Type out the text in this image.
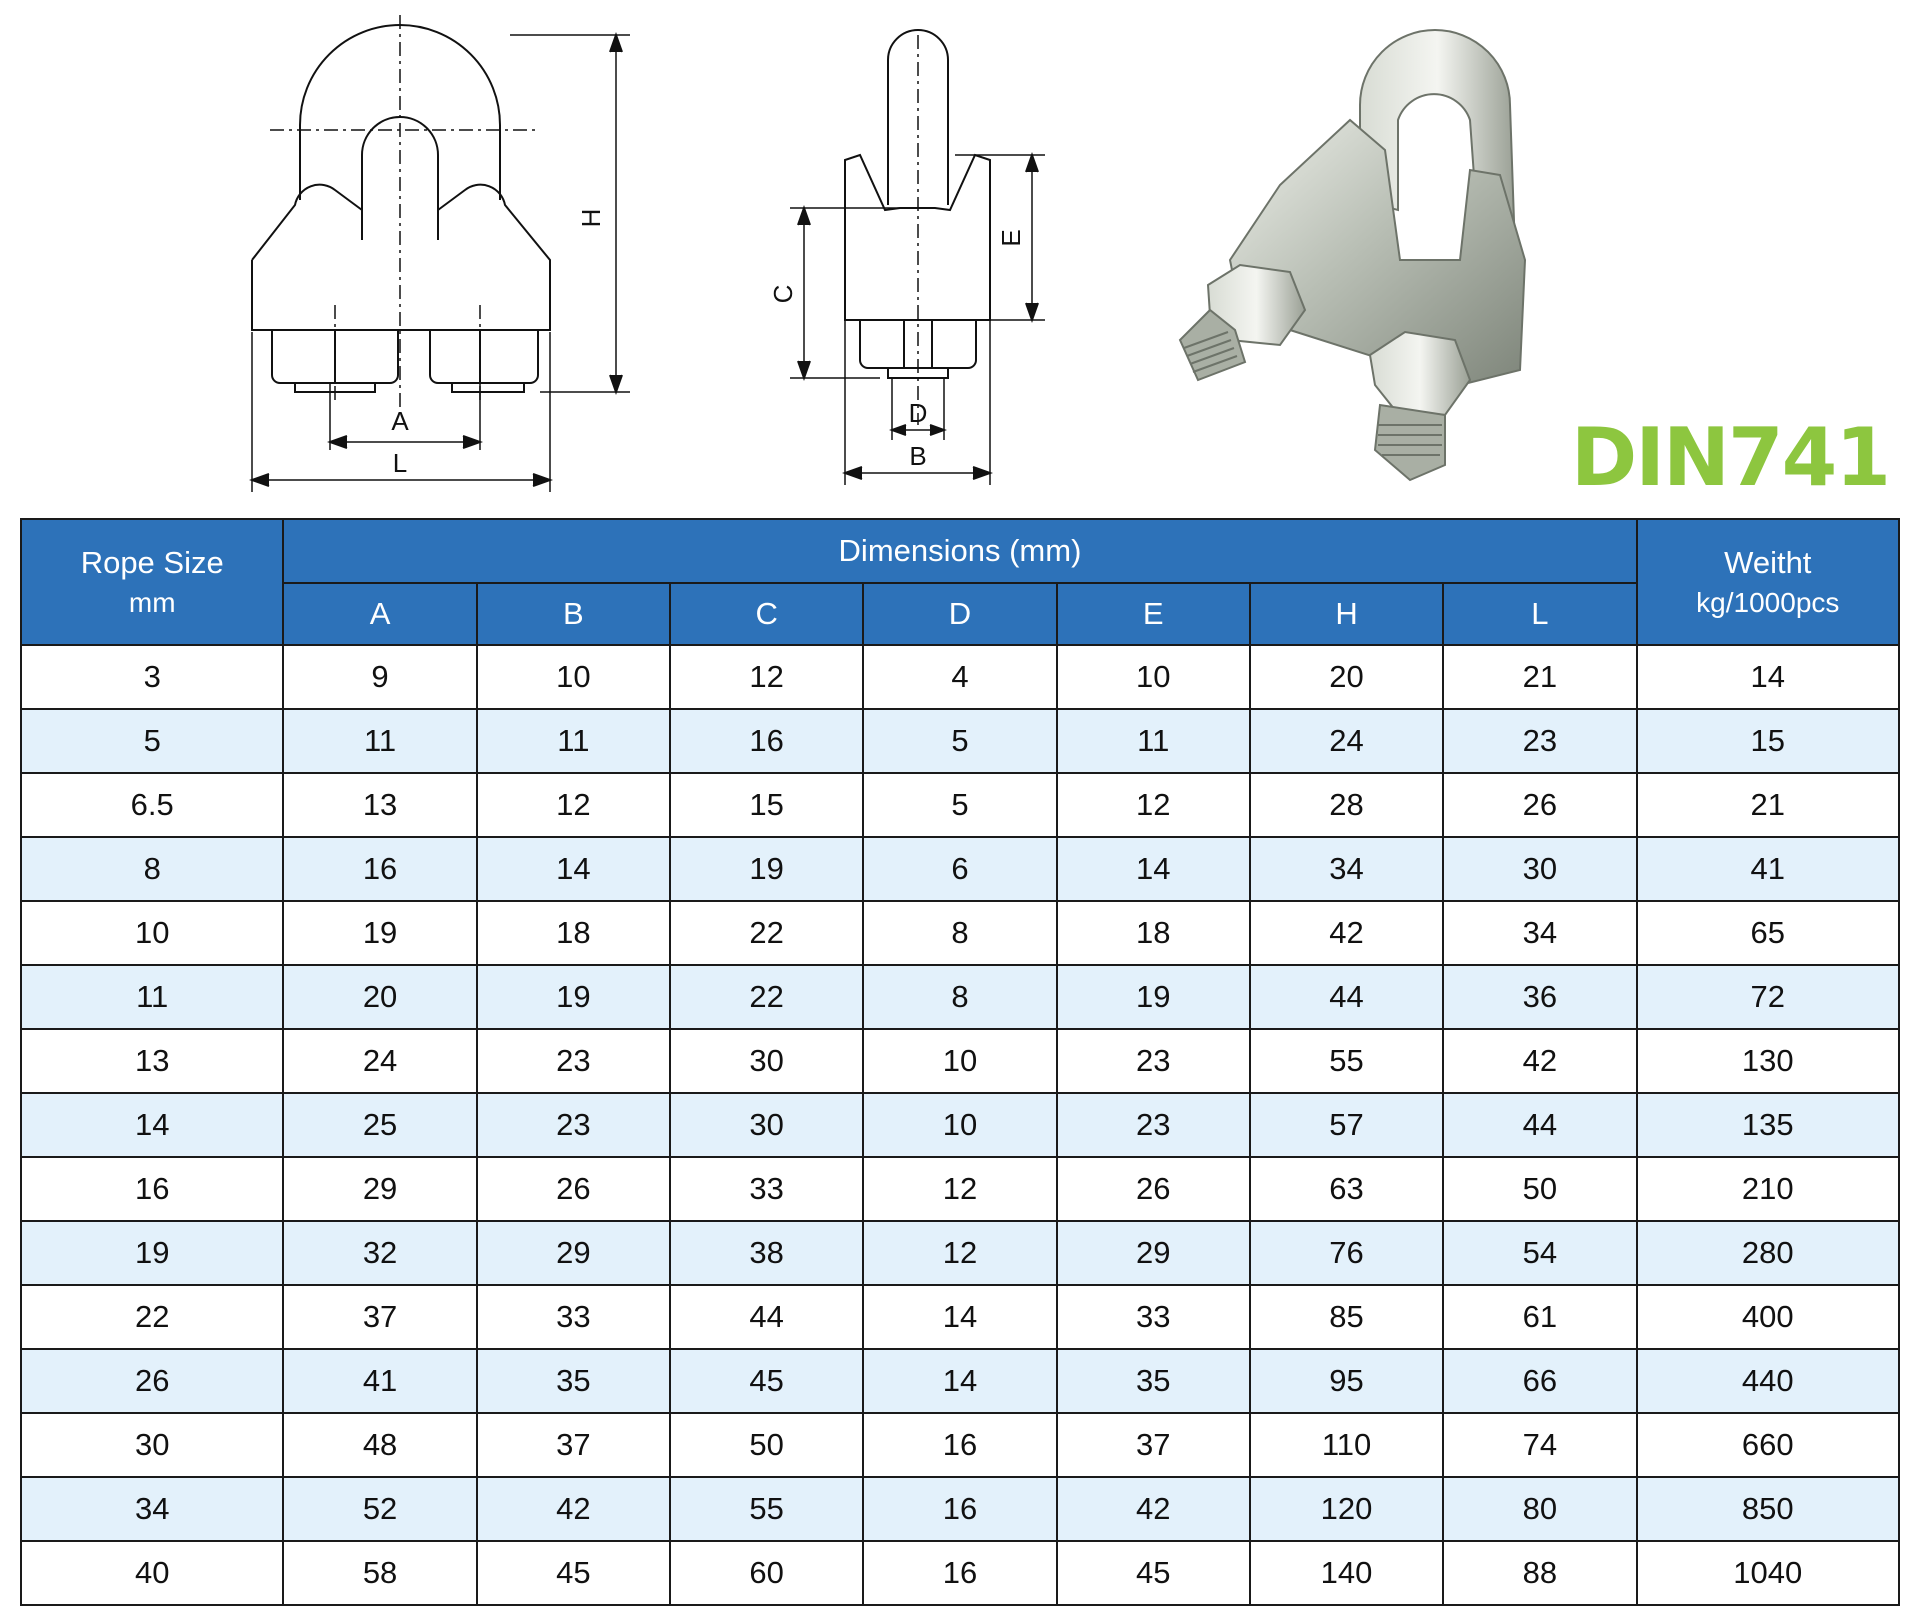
A
L
H
C
D
B
E
DIN741
Rope Size
mm	Dimensions (mm)							Weitht
kg/1000pcs

	A	B	C	D	E	H	L	
3	9	10	12	4	10	20	21	14
5	11	11	16	5	11	24	23	15
6.5	13	12	15	5	12	28	26	21
8	16	14	19	6	14	34	30	41
10	19	18	22	8	18	42	34	65
11	20	19	22	8	19	44	36	72
13	24	23	30	10	23	55	42	130
14	25	23	30	10	23	57	44	135
16	29	26	33	12	26	63	50	210
19	32	29	38	12	29	76	54	280
22	37	33	44	14	33	85	61	400
26	41	35	45	14	35	95	66	440
30	48	37	50	16	37	110	74	660
34	52	42	55	16	42	120	80	850
40	58	45	60	16	45	140	88	1040
